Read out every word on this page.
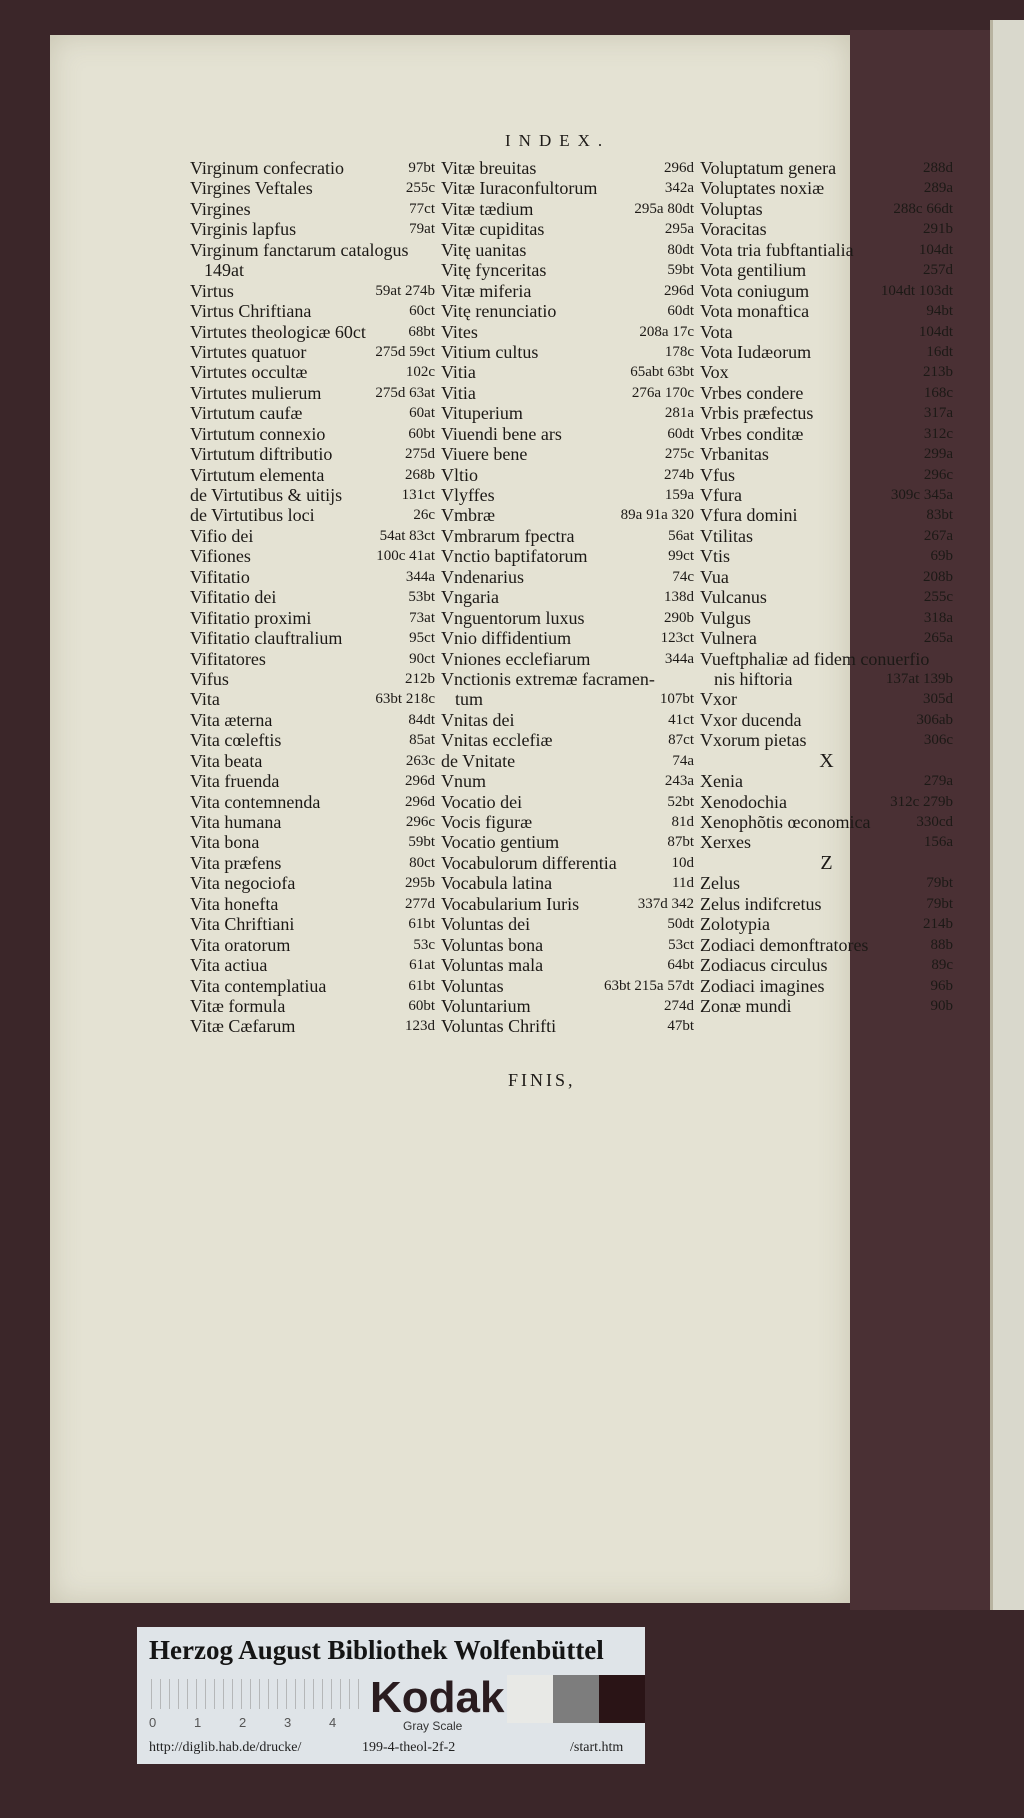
INDEX.
Virginum confecratio	97bt
Virgines Veftales	255c
Virgines	77ct
Virginis lapfus	79at
Virginum fanctarum catalogus
149at
Virtus	59at 274b
Virtus Chriftiana	60ct
Virtutes theologicæ 60ct	68bt
Virtutes quatuor	275d 59ct
Virtutes occultæ	102c
Virtutes mulierum	275d 63at
Virtutum caufæ	60at
Virtutum connexio	60bt
Virtutum diftributio	275d
Virtutum elementa	268b
de Virtutibus & uitijs	131ct
de Virtutibus loci	26c
Vifio dei	54at 83ct
Vifiones	100c 41at
Vifitatio	344a
Vifitatio dei	53bt
Vifitatio proximi	73at
Vifitatio clauftralium	95ct
Vifitatores	90ct
Vifus	212b
Vita	63bt 218c
Vita æterna	84dt
Vita cœleftis	85at
Vita beata	263c
Vita fruenda	296d
Vita contemnenda	296d
Vita humana	296c
Vita bona	59bt
Vita præfens	80ct
Vita negociofa	295b
Vita honefta	277d
Vita Chriftiani	61bt
Vita oratorum	53c
Vita actiua	61at
Vita contemplatiua	61bt
Vitæ formula	60bt
Vitæ Cæfarum	123d
Vitæ breuitas	296d
Vitæ Iuraconfultorum	342a
Vitæ tædium	295a 80dt
Vitæ cupiditas	295a
Vitę uanitas	80dt
Vitę fynceritas	59bt
Vitæ miferia	296d
Vitę renunciatio	60dt
Vites	208a 17c
Vitium cultus	178c
Vitia	65abt 63bt
Vitia	276a 170c
Vituperium	281a
Viuendi bene ars	60dt
Viuere bene	275c
Vltio	274b
Vlyffes	159a
Vmbræ	89a 91a 320
Vmbrarum fpectra	56at
Vnctio baptifatorum	99ct
Vndenarius	74c
Vngaria	138d
Vnguentorum luxus	290b
Vnio diffidentium	123ct
Vniones ecclefiarum	344a
Vnctionis extremæ facramen-
tum	107bt
Vnitas dei	41ct
Vnitas ecclefiæ	87ct
de Vnitate	74a
Vnum	243a
Vocatio dei	52bt
Vocis figuræ	81d
Vocatio gentium	87bt
Vocabulorum differentia	10d
Vocabula latina	11d
Vocabularium Iuris	337d 342
Voluntas dei	50dt
Voluntas bona	53ct
Voluntas mala	64bt
Voluntas	63bt 215a 57dt
Voluntarium	274d
Voluntas Chrifti	47bt
Voluptatum genera	288d
Voluptates noxiæ	289a
Voluptas	288c 66dt
Voracitas	291b
Vota tria fubftantialia	104dt
Vota gentilium	257d
Vota coniugum	104dt 103dt
Vota monaftica	94bt
Vota	104dt
Vota Iudæorum	16dt
Vox	213b
Vrbes condere	168c
Vrbis præfectus	317a
Vrbes conditæ	312c
Vrbanitas	299a
Vfus	296c
Vfura	309c 345a
Vfura domini	83bt
Vtilitas	267a
Vtis	69b
Vua	208b
Vulcanus	255c
Vulgus	318a
Vulnera	265a
Vueftphaliæ ad fidem conuerfio
nis hiftoria	137at 139b
Vxor	305d
Vxor ducenda	306ab
Vxorum pietas	306c
X
Xenia	279a
Xenodochia	312c 279b
Xenophõtis œconomica	330cd
Xerxes	156a
Z
Zelus	79bt
Zelus indifcretus	79bt
Zolotypia	214b
Zodiaci demonftratores	88b
Zodiacus circulus	89c
Zodiaci imagines	96b
Zonæ mundi	90b
FINIS,
Herzog August Bibliothek Wolfenbüttel
0	1	2	3	4
Kodak
Gray Scale
http://diglib.hab.de/drucke/	199-4-theol-2f-2	/start.htm
